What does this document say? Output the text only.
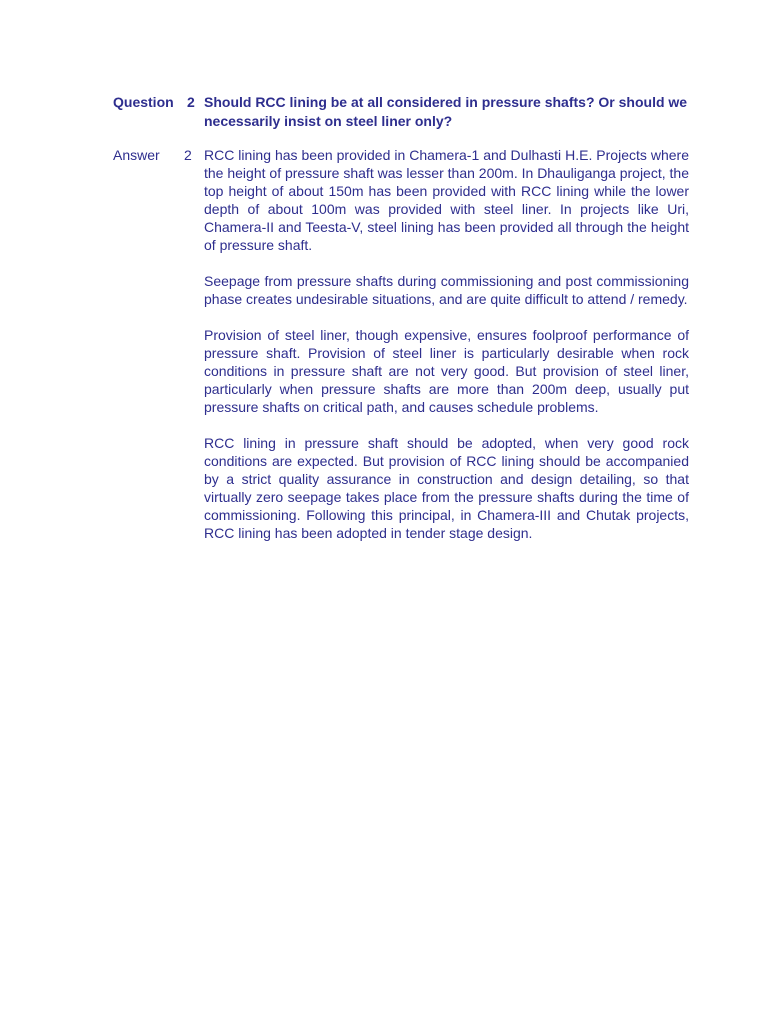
Question 2 Should RCC lining be at all considered in pressure shafts? Or should we necessarily insist on steel liner only?
Answer 2 RCC lining has been provided in Chamera-1 and Dulhasti H.E. Projects where the height of pressure shaft was lesser than 200m. In Dhauliganga project, the top height of about 150m has been provided with RCC lining while the lower depth of about 100m was provided with steel liner. In projects like Uri, Chamera-II and Teesta-V, steel lining has been provided all through the height of pressure shaft.

Seepage from pressure shafts during commissioning and post commissioning phase creates undesirable situations, and are quite difficult to attend / remedy.

Provision of steel liner, though expensive, ensures foolproof performance of pressure shaft. Provision of steel liner is particularly desirable when rock conditions in pressure shaft are not very good. But provision of steel liner, particularly when pressure shafts are more than 200m deep, usually put pressure shafts on critical path, and causes schedule problems.

RCC lining in pressure shaft should be adopted, when very good rock conditions are expected. But provision of RCC lining should be accompanied by a strict quality assurance in construction and design detailing, so that virtually zero seepage takes place from the pressure shafts during the time of commissioning. Following this principal, in Chamera-III and Chutak projects, RCC lining has been adopted in tender stage design.
